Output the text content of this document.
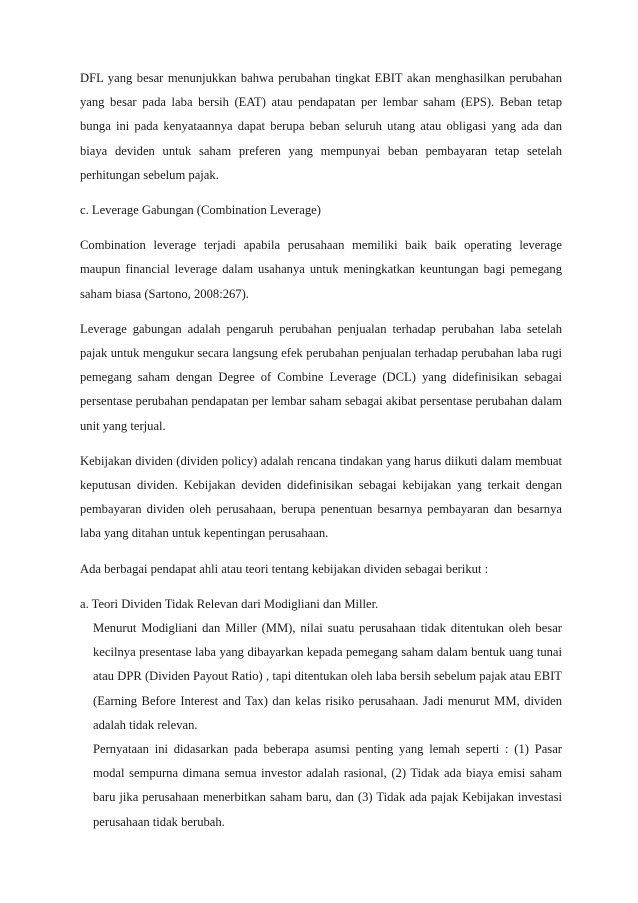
DFL yang besar menunjukkan bahwa perubahan tingkat EBIT akan menghasilkan perubahan yang besar pada laba bersih (EAT) atau pendapatan per lembar saham (EPS). Beban tetap bunga ini pada kenyataannya dapat berupa beban seluruh utang atau obligasi yang ada dan biaya deviden untuk saham preferen yang mempunyai beban pembayaran tetap setelah perhitungan sebelum pajak.

c. Leverage Gabungan (Combination Leverage)

Combination leverage terjadi apabila perusahaan memiliki baik baik operating leverage maupun financial leverage dalam usahanya untuk meningkatkan keuntungan bagi pemegang saham biasa (Sartono, 2008:267).

Leverage gabungan adalah pengaruh perubahan penjualan terhadap perubahan laba setelah pajak untuk mengukur secara langsung efek perubahan penjualan terhadap perubahan laba rugi pemegang saham dengan Degree of Combine Leverage (DCL) yang didefinisikan sebagai persentase perubahan pendapatan per lembar saham sebagai akibat persentase perubahan dalam unit yang terjual.

Kebijakan dividen (dividen policy) adalah rencana tindakan yang harus diikuti dalam membuat keputusan dividen. Kebijakan deviden didefinisikan sebagai kebijakan yang terkait dengan pembayaran dividen oleh perusahaan, berupa penentuan besarnya pembayaran dan besarnya laba yang ditahan untuk kepentingan perusahaan.

Ada berbagai pendapat ahli atau teori tentang kebijakan dividen sebagai berikut :

a. Teori Dividen Tidak Relevan dari Modigliani dan Miller.

Menurut Modigliani dan Miller (MM), nilai suatu perusahaan tidak ditentukan oleh besar kecilnya presentase laba yang dibayarkan kepada pemegang saham dalam bentuk uang tunai atau DPR (Dividen Payout Ratio) , tapi ditentukan oleh laba bersih sebelum pajak atau EBIT (Earning Before Interest and Tax) dan kelas risiko perusahaan. Jadi menurut MM, dividen adalah tidak relevan.

Pernyataan ini didasarkan pada beberapa asumsi penting yang lemah seperti : (1) Pasar modal sempurna dimana semua investor adalah rasional, (2) Tidak ada biaya emisi saham baru jika perusahaan menerbitkan saham baru, dan (3) Tidak ada pajak Kebijakan investasi perusahaan tidak berubah.
